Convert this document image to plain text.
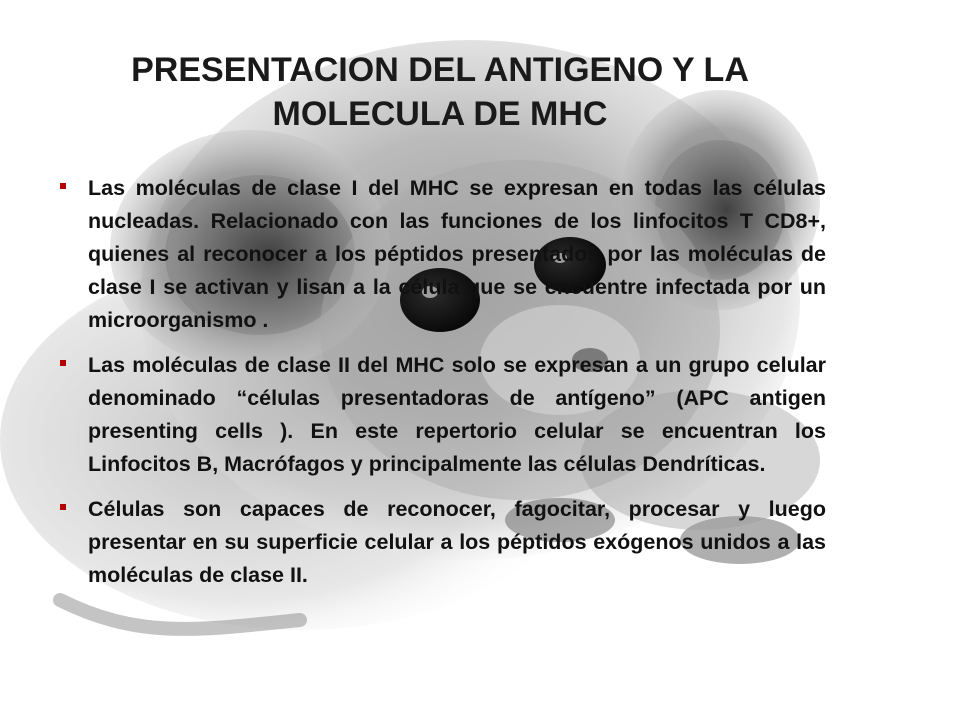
PRESENTACION DEL ANTIGENO Y LA MOLECULA DE MHC
Las moléculas de clase I del MHC se expresan en todas las células nucleadas. Relacionado con las funciones de los linfocitos T CD8+, quienes al reconocer a los péptidos presentados por las moléculas de clase I se activan y lisan a la célula que se encuentre infectada por un microorganismo .
Las moléculas de clase II del MHC solo se expresan a un grupo celular denominado “células presentadoras de antígeno” (APC antigen presenting cells ). En este repertorio celular se encuentran los Linfocitos B, Macrófagos y principalmente las células Dendríticas.
Células son capaces de reconocer, fagocitar, procesar y luego presentar en su superficie celular a los péptidos exógenos unidos a las moléculas de clase II.
